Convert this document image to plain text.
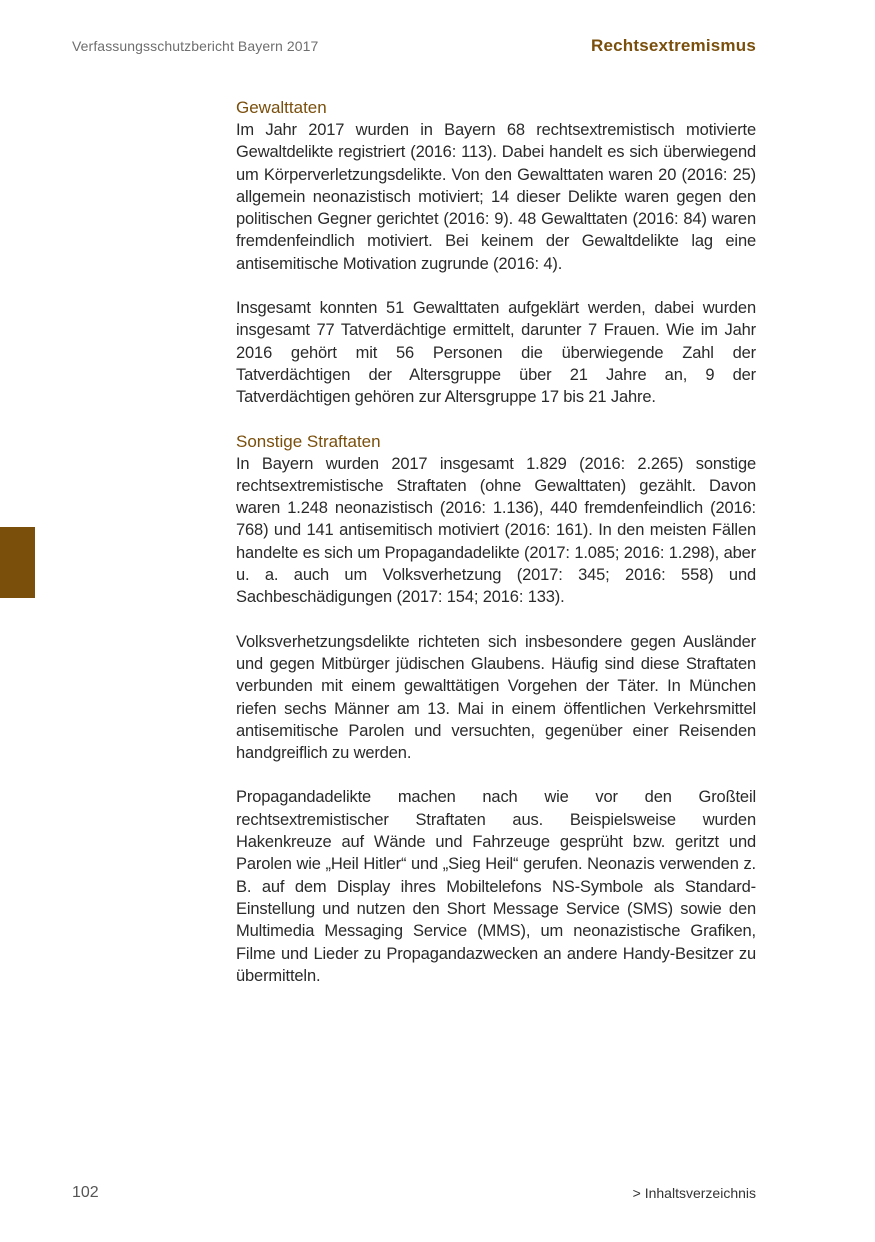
Verfassungsschutzbericht Bayern 2017	Rechtsextremismus
Gewalttaten

Im Jahr 2017 wurden in Bayern 68 rechtsextremistisch motivierte Gewaltdelikte registriert (2016: 113). Dabei handelt es sich überwiegend um Körperverletzungsdelikte. Von den Gewalttaten waren 20 (2016: 25) allgemein neonazistisch motiviert; 14 dieser Delikte waren gegen den politischen Gegner gerichtet (2016: 9). 48 Gewalttaten (2016: 84) waren fremdenfeindlich motiviert. Bei keinem der Gewaltdelikte lag eine antisemitische Motivation zugrunde (2016: 4).

Insgesamt konnten 51 Gewalttaten aufgeklärt werden, dabei wurden insgesamt 77 Tatverdächtige ermittelt, darunter 7 Frauen. Wie im Jahr 2016 gehört mit 56 Personen die überwiegende Zahl der Tatverdächtigen der Altersgruppe über 21 Jahre an, 9 der Tatverdächtigen gehören zur Altersgruppe 17 bis 21 Jahre.

Sonstige Straftaten

In Bayern wurden 2017 insgesamt 1.829 (2016: 2.265) sonstige rechtsextremistische Straftaten (ohne Gewalttaten) gezählt. Davon waren 1.248 neonazistisch (2016: 1.136), 440 fremdenfeindlich (2016: 768) und 141 antisemitisch motiviert (2016: 161). In den meisten Fällen handelte es sich um Propagandadelikte (2017: 1.085; 2016: 1.298), aber u. a. auch um Volksverhetzung (2017: 345; 2016: 558) und Sachbeschädigungen (2017: 154; 2016: 133).

Volksverhetzungsdelikte richteten sich insbesondere gegen Ausländer und gegen Mitbürger jüdischen Glaubens. Häufig sind diese Straftaten verbunden mit einem gewalttätigen Vorgehen der Täter. In München riefen sechs Männer am 13. Mai in einem öffentlichen Verkehrsmittel antisemitische Parolen und versuchten, gegenüber einer Reisenden handgreiflich zu werden.

Propagandadelikte machen nach wie vor den Großteil rechtsextremistischer Straftaten aus. Beispielsweise wurden Hakenkreuze auf Wände und Fahrzeuge gesprüht bzw. geritzt und Parolen wie „Heil Hitler“ und „Sieg Heil“ gerufen. Neonazis verwenden z. B. auf dem Display ihres Mobiltelefons NS-Symbole als Standard-Einstellung und nutzen den Short Message Service (SMS) sowie den Multimedia Messaging Service (MMS), um neonazistische Grafiken, Filme und Lieder zu Propagandazwecken an andere Handy-Besitzer zu übermitteln.

102	> Inhaltsverzeichnis
